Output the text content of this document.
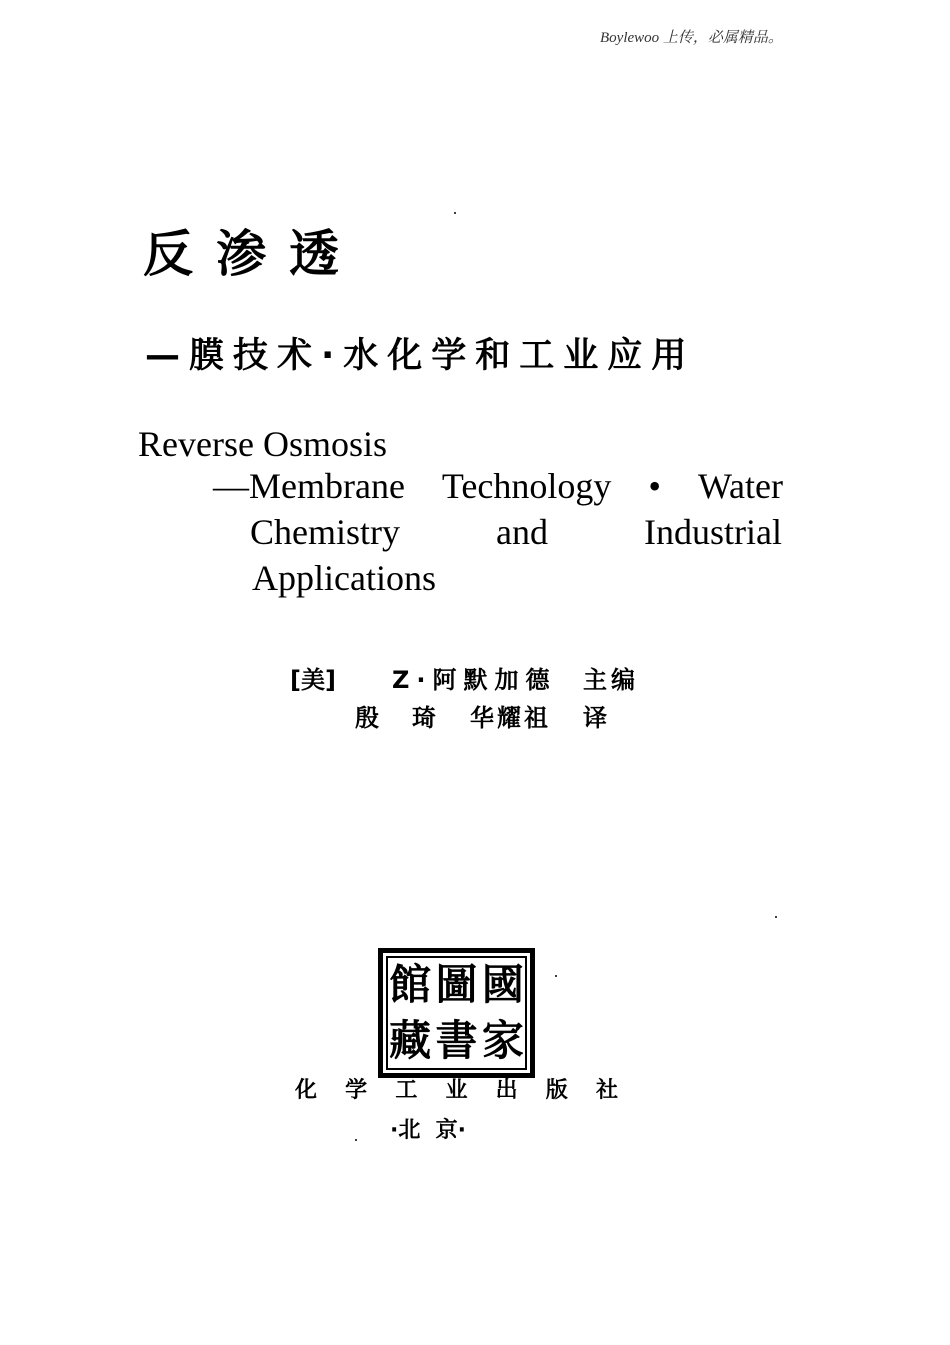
Boylewoo 上传，必属精品。
反渗透
—膜技术·水化学和工业应用
Reverse Osmosis
—Membrane Technology • Water
Chemistry	and	Industrial
Applications
[美] Z·阿默加德 主编
殷琦 华耀祖 译
館 圖 國
藏 書 家
化 学 工 业 出 版 社
·北  京·
